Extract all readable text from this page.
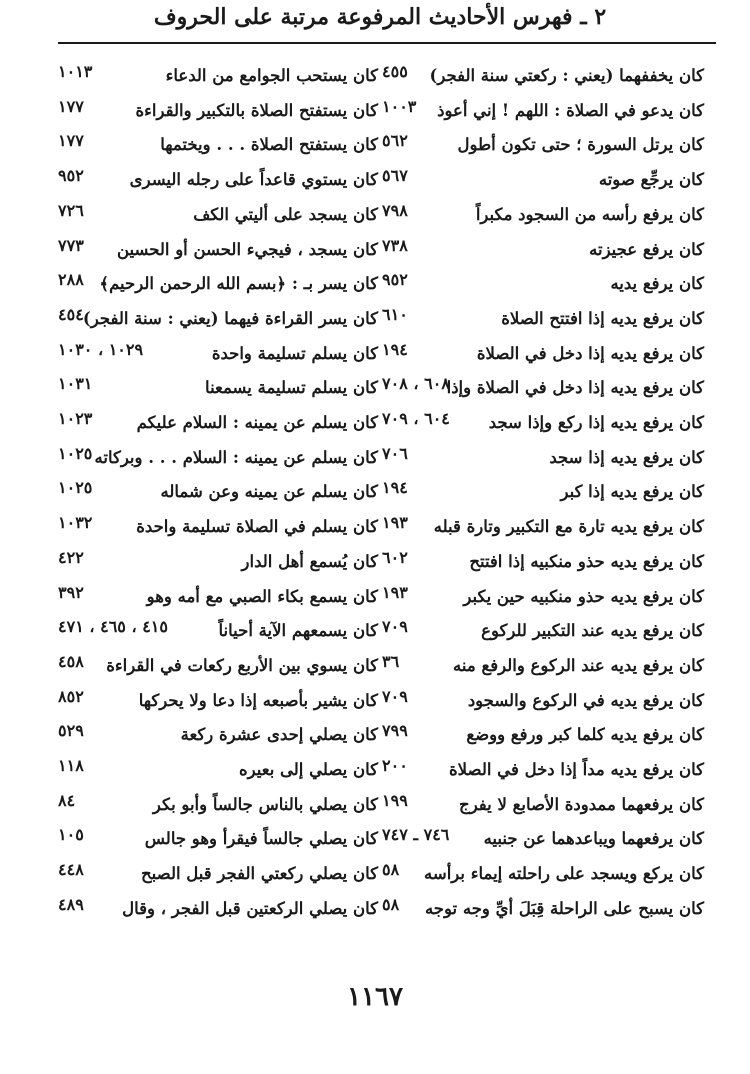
٢ ـ فهرس الأحاديث المرفوعة مرتبة على الحروف
كان يخففهما (يعني : ركعتي سنة الفجر)
٤٥٥
كان يدعو في الصلاة : اللهم ! إني أعوذ
١٠٠٣
كان يرتل السورة ؛ حتى تكون أطول
٥٦٢
كان يرجِّع صوته
٥٦٧
كان يرفع رأسه من السجود مكبراً
٧٩٨
كان يرفع عجيزته
٧٣٨
كان يرفع يديه
٩٥٢
كان يرفع يديه إذا افتتح الصلاة
٦١٠
كان يرفع يديه إذا دخل في الصلاة
١٩٤
كان يرفع يديه إذا دخل في الصلاة وإذا
٦٠٨ ، ٧٠٨
كان يرفع يديه إذا ركع وإذا سجد
٦٠٤ ، ٧٠٩
كان يرفع يديه إذا سجد
٧٠٦
كان يرفع يديه إذا كبر
١٩٤
كان يرفع يديه تارة مع التكبير وتارة قبله
١٩٣
كان يرفع يديه حذو منكبيه إذا افتتح
٦٠٢
كان يرفع يديه حذو منكبيه حين يكبر
١٩٣
كان يرفع يديه عند التكبير للركوع
٧٠٩
كان يرفع يديه عند الركوع والرفع منه
٣٦
كان يرفع يديه في الركوع والسجود
٧٠٩
كان يرفع يديه كلما كبر ورفع ووضع
٧٩٩
كان يرفع يديه مداً إذا دخل في الصلاة
٢٠٠
كان يرفعهما ممدودة الأصابع لا يفرج
١٩٩
كان يرفعهما ويباعدهما عن جنبيه
٧٤٦ ـ ٧٤٧
كان يركع ويسجد على راحلته إيماء برأسه
٥٨
كان يسبح على الراحلة قِبَلَ أيِّ وجه توجه
٥٨
كان يستحب الجوامع من الدعاء
١٠١٣
كان يستفتح الصلاة بالتكبير والقراءة
١٧٧
كان يستفتح الصلاة . . . ويختمها
١٧٧
كان يستوي قاعداً على رجله اليسرى
٩٥٢
كان يسجد على أليتي الكف
٧٢٦
كان يسجد ، فيجيء الحسن أو الحسين
٧٧٣
كان يسر بـ : ﴿بسم الله الرحمن الرحيم﴾
٢٨٨
كان يسر القراءة فيهما (يعني : سنة الفجر)
٤٥٤
كان يسلم تسليمة واحدة
١٠٢٩ ، ١٠٣٠
كان يسلم تسليمة يسمعنا
١٠٣١
كان يسلم عن يمينه : السلام عليكم
١٠٢٣
كان يسلم عن يمينه : السلام . . . وبركاته
١٠٢٥
كان يسلم عن يمينه وعن شماله
١٠٢٥
كان يسلم في الصلاة تسليمة واحدة
١٠٣٢
كان يُسمع أهل الدار
٤٢٢
كان يسمع بكاء الصبي مع أمه وهو
٣٩٢
كان يسمعهم الآية أحياناً
٤١٥ ، ٤٦٥ ، ٤٧١
كان يسوي بين الأربع ركعات في القراءة
٤٥٨
كان يشير بأصبعه إذا دعا ولا يحركها
٨٥٢
كان يصلي إحدى عشرة ركعة
٥٢٩
كان يصلي إلى بعيره
١١٨
كان يصلي بالناس جالساً وأبو بكر
٨٤
كان يصلي جالساً فيقرأ وهو جالس
١٠٥
كان يصلي ركعتي الفجر قبل الصبح
٤٤٨
كان يصلي الركعتين قبل الفجر ، وقال
٤٨٩
١١٦٧
